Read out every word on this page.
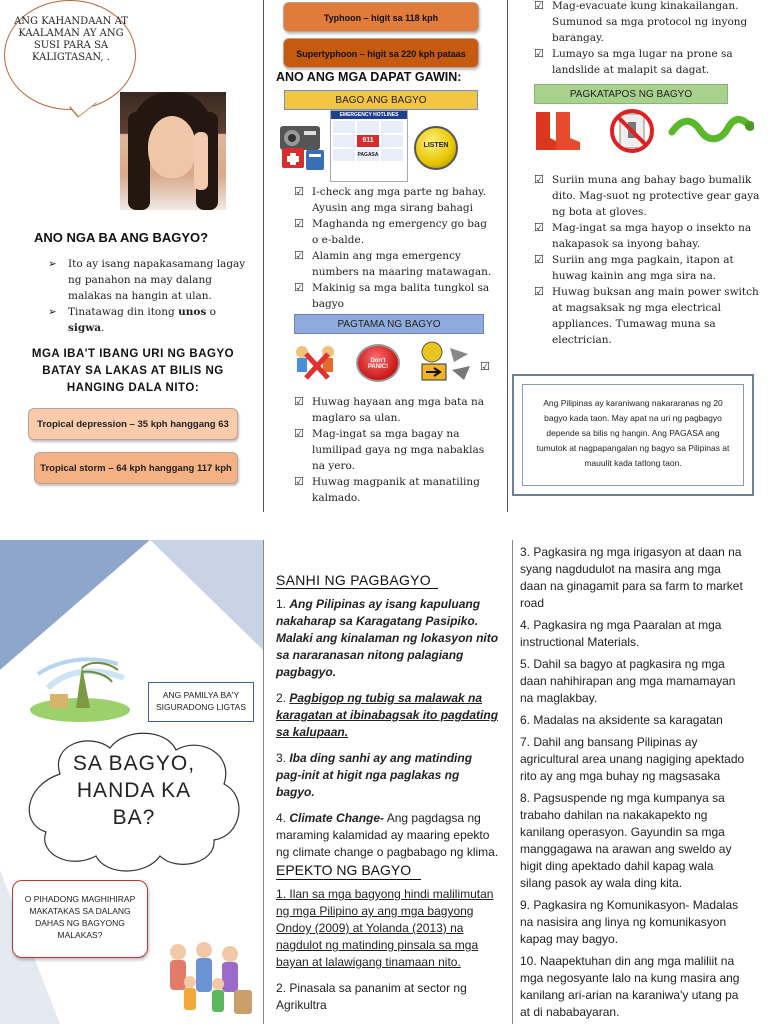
ANG KAHANDAAN AT KAALAMAN AY ANG SUSI PARA SA KALIGTASAN, .
ANO NGA BA ANG BAGYO?
➢ Ito ay isang napakasamang lagay ng panahon na may dalang malakas na hangin at ulan.
➢ Tinatawag din itong unos o sigwa.
MGA IBA'T IBANG URI NG BAGYO BATAY SA LAKAS AT BILIS NG HANGING DALA NITO:
Tropical depression – 35 kph hanggang 63
Tropical storm – 64 kph hanggang 117 kph
Typhoon – higit sa 118 kph
Supertyphoon – higit sa 220 kph pataas
ANO ANG MGA DAPAT GAWIN:
BAGO ANG BAGYO
EMERGENCY HOTLINES
911
PAGASA
LISTEN
☑ I-check ang mga parte ng bahay. Ayusin ang mga sirang bahagi
☑ Maghanda ng emergency go bag o e-balde.
☑ Alamin ang mga emergency numbers na maaring matawagan.
☑ Makinig sa mga balita tungkol sa bagyo
PAGTAMA NG BAGYO
Don't PANIC!	☑
☑ Huwag hayaan ang mga bata na maglaro sa ulan.
☑ Mag-ingat sa mga bagay na lumilipad gaya ng mga nabaklas na yero.
☑ Huwag magpanik at manatiling kalmado.
☑ Mag-evacuate kung kinakailangan. Sumunod sa mga protocol ng inyong barangay.
☑ Lumayo sa mga lugar na prone sa landslide at malapit sa dagat.
PAGKATAPOS NG BAGYO
☑ Suriin muna ang bahay bago bumalik dito. Mag-suot ng protective gear gaya ng bota at gloves.
☑ Mag-ingat sa mga hayop o insekto na nakapasok sa inyong bahay.
☑ Suriin ang mga pagkain, itapon at huwag kainin ang mga sira na.
☑ Huwag buksan ang main power switch at magsaksak ng mga electrical appliances. Tumawag muna sa electrician.
Ang Pilipinas ay karaniwang nakararanas ng 20 bagyo kada taon. May apat na uri ng pagbagyo depende sa bilis ng hangin. Ang PAGASA ang tumutok at nagpapangalan ng bagyo sa Pilipinas at mauulit kada tatlong taon.
ANG PAMILYA BA'Y SIGURADONG LIGTAS
SA BAGYO,
HANDA KA
BA?
O PIHADONG MAGHIHIRAP MAKATAKAS SA DALANG DAHAS NG BAGYONG MALAKAS?
SANHI NG PAGBAGYO

1. Ang Pilipinas ay isang kapuluang nakaharap sa Karagatang Pasipiko. Malaki ang kinalaman ng lokasyon nito sa nararanasan nitong palagiang pagbagyo.

2. Pagbigop ng tubig sa malawak na karagatan at ibinabagsak ito pagdating sa kalupaan.

3. Iba ding sanhi ay ang matinding pag-init at higit nga paglakas ng bagyo.

4. Climate Change- Ang pagdagsa ng maraming kalamidad ay maaring epekto ng climate change o pagbabago ng klima.

EPEKTO NG BAGYO

1. Ilan sa mga bagyong hindi malilimutan ng mga Pilipino ay ang mga bagyong Ondoy (2009) at Yolanda (2013) na nagdulot ng matinding pinsala sa mga bayan at lalawigang tinamaan nito.

2. Pinasala sa pananim at sector ng Agrikultra

3. Pagkasira ng mga irigasyon at daan na syang nagdudulot na masira ang mga daan na ginagamit para sa farm to market road

4. Pagkasira ng mga Paaralan at mga instructional Materials.

5. Dahil sa bagyo at pagkasira ng mga daan nahihirapan ang mga mamamayan na maglakbay.

6. Madalas na aksidente sa karagatan

7. Dahil ang bansang Pilipinas ay agricultural area unang nagiging apektado rito ay ang mga buhay ng magsasaka

8. Pagsuspende ng mga kumpanya sa trabaho dahilan na nakakapekto ng kanilang operasyon. Gayundin sa mga manggagawa na arawan ang sweldo ay higit ding apektado dahil kapag wala silang pasok ay wala ding kita.

9. Pagkasira ng Komunikasyon- Madalas na nasisira ang linya ng komunikasyon kapag may bagyo.

10. Naapektuhan din ang mga maliliit na mga negosyante lalo na kung masira ang kanilang ari-arian na karaniwa'y utang pa at di nababayaran.
